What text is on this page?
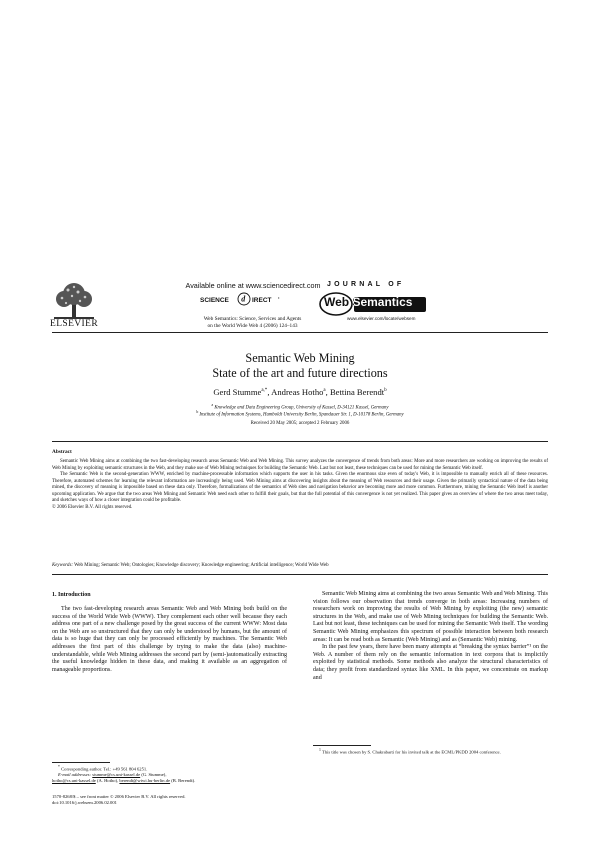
ELSEVIER
Available online at www.sciencedirect.com
SCIENCE d IRECT •
Web Semantics: Science, Services and Agents
on the World Wide Web 4 (2006) 124–143
JOURNAL OF
Web Semantics
www.elsevier.com/locate/websem
Semantic Web Mining
State of the art and future directions
Gerd Stumme$^{a,*}$, Andreas Hotho$^a$, Bettina Berendt$^b$
$^a$ Knowledge and Data Engineering Group, University of Kassel, D-34121 Kassel, Germany
$^b$ Institute of Information Systems, Humboldt University Berlin, Spandauer Str. 1, D-10178 Berlin, Germany
Received 20 May 2005; accepted 2 February 2006
Abstract

Semantic Web Mining aims at combining the two fast-developing research areas Semantic Web and Web Mining. This survey analyzes the convergence of trends from both areas: More and more researchers are working on improving the results of Web Mining by exploiting semantic structures in the Web, and they make use of Web Mining techniques for building the Semantic Web. Last but not least, these techniques can be used for mining the Semantic Web itself.

The Semantic Web is the second-generation WWW, enriched by machine-processable information which supports the user in his tasks. Given the enormous size even of today's Web, it is impossible to manually enrich all of these resources. Therefore, automated schemes for learning the relevant information are increasingly being used. Web Mining aims at discovering insights about the meaning of Web resources and their usage. Given the primarily syntactical nature of the data being mined, the discovery of meaning is impossible based on these data only. Therefore, formalizations of the semantics of Web sites and navigation behavior are becoming more and more common. Furthermore, mining the Semantic Web itself is another upcoming application. We argue that the two areas Web Mining and Semantic Web need each other to fulfill their goals, but that the full potential of this convergence is not yet realized. This paper gives an overview of where the two areas meet today, and sketches ways of how a closer integration could be profitable.

© 2006 Elsevier B.V. All rights reserved.
Keywords: Web Mining; Semantic Web; Ontologies; Knowledge discovery; Knowledge engineering; Artificial intelligence; World Wide Web
1. Introduction

The two fast-developing research areas Semantic Web and Web Mining both build on the success of the World Wide Web (WWW). They complement each other well because they each address one part of a new challenge posed by the great success of the current WWW: Most data on the Web are so unstructured that they can only be understood by humans, but the amount of data is so huge that they can only be processed efficiently by machines. The Semantic Web addresses the first part of this challenge by trying to make the data (also) machine-understandable, while Web Mining addresses the second part by (semi-)automatically extracting the useful knowledge hidden in these data, and making it available as an aggregation of manageable proportions.

Semantic Web Mining aims at combining the two areas Semantic Web and Web Mining. This vision follows our observation that trends converge in both areas: Increasing numbers of researchers work on improving the results of Web Mining by exploiting (the new) semantic structures in the Web, and make use of Web Mining techniques for building the Semantic Web. Last but not least, these techniques can be used for mining the Semantic Web itself. The wording Semantic Web Mining emphasizes this spectrum of possible interaction between both research areas: It can be read both as Semantic (Web Mining) and as (Semantic Web) mining.

In the past few years, there have been many attempts at “breaking the syntax barrier”¹ on the Web. A number of them rely on the semantic information in text corpora that is implicitly exploited by statistical methods. Some methods also analyze the structural characteristics of data; they profit from standardized syntax like XML. In this paper, we concentrate on markup and

* Corresponding author. Tel.: +49 561 804 6251.
E-mail addresses: stumme@cs.uni-kassel.de (G. Stumme),
hotho@cs.uni-kassel.de (A. Hotho), berendt@wiwi.hu-berlin.de (B. Berendt).
$^1$ This title was chosen by S. Chakrabarti for his invited talk at the ECML/PKDD 2004 conference.
1570-8268/$ – see front matter © 2006 Elsevier B.V. All rights reserved.
doi:10.1016/j.websem.2006.02.001
